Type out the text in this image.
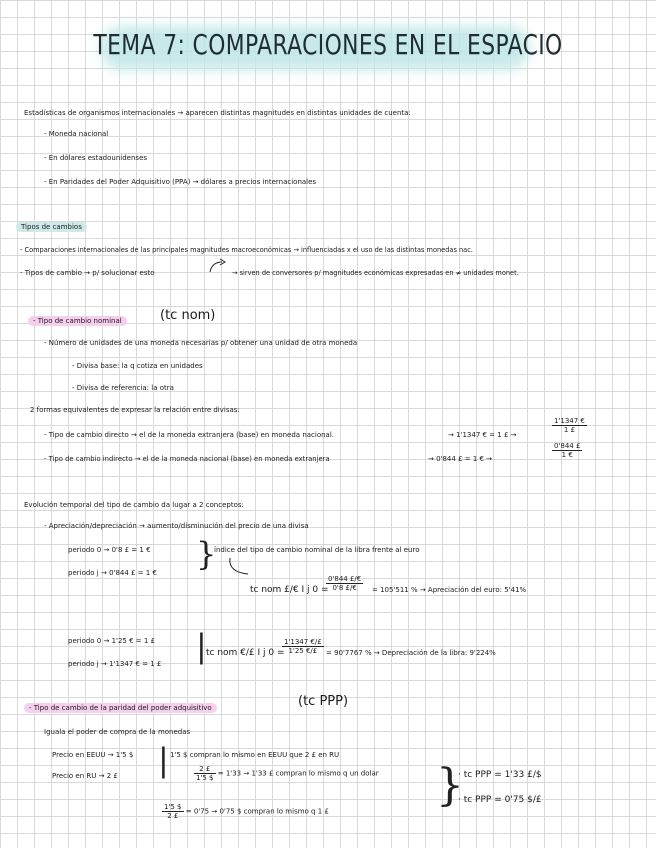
TEMA 7: COMPARACIONES EN EL ESPACIO
Estadísticas de organismos internacionales → aparecen distintas magnitudes en distintas unidades de cuenta:
- Moneda nacional
- En dólares estadounidenses
- En Paridades del Poder Adquisitivo (PPA) → dólares a precios internacionales
Tipos de cambios
- Comparaciones internacionales de las principales magnitudes macroeconómicas → influenciadas x el uso de las distintas monedas nac.
- Tipos de cambio → p/ solucionar esto	→ sirven de conversores p/ magnitudes económicas expresadas en ≠ unidades monet.
- Tipo de cambio nominal	(tc nom)
- Número de unidades de una moneda necesarias p/ obtener una unidad de otra moneda
- Divisa base: la q cotiza en unidades
- Divisa de referencia: la otra
2 formas equivalentes de expresar la relación entre divisas:
- Tipo de cambio directo → el de la moneda extranjera (base) en moneda nacional.	→ 1'1347 € = 1 £ →
$\frac{1'1347 €}{1 £}$
- Tipo de cambio indirecto → el de la moneda nacional (base) en moneda extranjera	→ 0'844 £ = 1 € →	$\frac{0'844 £}{1 €}$
Evolución temporal del tipo de cambio da lugar a 2 conceptos:
- Apreciación/depreciación → aumento/disminución del precio de una divisa
periodo 0 → 0'8 £ = 1 €
periodo j → 0'844 £ = 1 € }
índice del tipo de cambio nominal de la libra frente al euro
tc nom £/€ I j 0 =
$\frac{0'844 £/€}{0'8 £/€} = 105'511$ % → Apreciación del euro: 5'41%
periodo 0 → 1'25 € = 1 £
periodo j → 1'1347 € = 1 £ | tc nom €/£ I j 0 =
$\frac{1'1347 €/£}{1'25 €/£} = 90'7767$ % → Depreciación de la libra: 9'224%
- Tipo de cambio de la paridad del poder adquisitivo	(tc PPP)
Iguala el poder de compra de la monedas
Precio en EEUU → 1'5 $
Precio en RU → 2 £ | 1'5 $ compran lo mismo en EEUU que 2 £ en RU
$\frac{2 £}{1'5 \$} = 1'33 \to 1'33$ £ compran lo mismo q un dolar
$\frac{1'5 \$}{2 £} = 0'75 \to 0'75$ $ compran lo mismo q 1 £
}
· tc PPP = 1'33 £/$
· tc PPP = 0'75 $/£
